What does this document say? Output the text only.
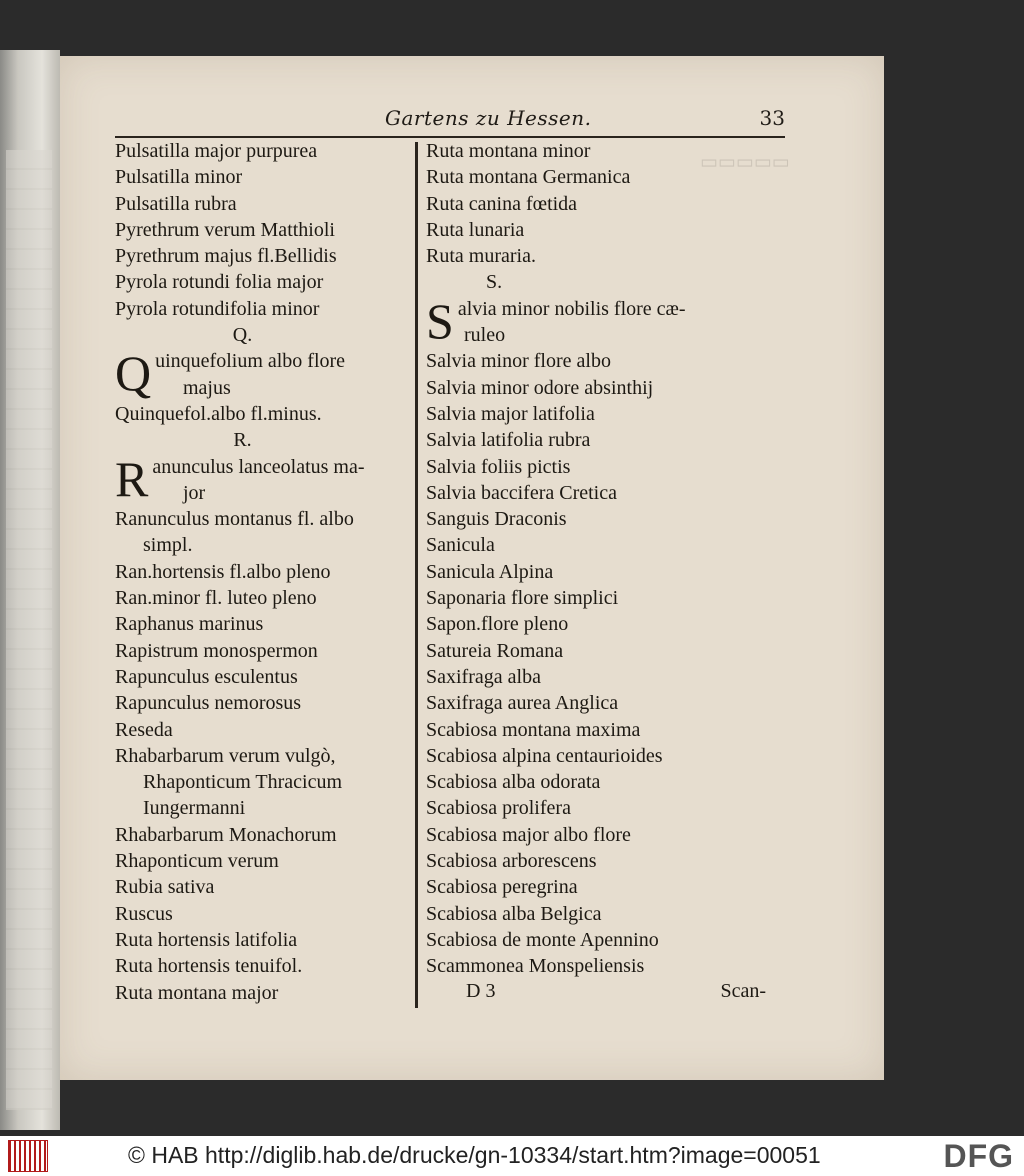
Gartens zu Hessen.	33
▭▭▭▭▭
Pulsatilla major purpurea
Pulsatilla minor
Pulsatilla rubra
Pyrethrum verum Matthioli
Pyrethrum majus fl.Bellidis
Pyrola rotundi folia major
Pyrola rotundifolia minor
Q.
Q uinquefolium albo flore
majus
Quinquefol.albo fl.minus.
R.
R anunculus lanceolatus ma-
jor
Ranunculus montanus fl. albo
simpl.
Ran.hortensis fl.albo pleno
Ran.minor fl. luteo pleno
Raphanus marinus
Rapistrum monospermon
Rapunculus esculentus
Rapunculus nemorosus
Reseda
Rhabarbarum verum vulgò,
Rhaponticum Thracicum
Iungermanni
Rhabarbarum Monachorum
Rhaponticum verum
Rubia sativa
Ruscus
Ruta hortensis latifolia
Ruta hortensis tenuifol.
Ruta montana major
Ruta montana minor
Ruta montana Germanica
Ruta canina fœtida
Ruta lunaria
Ruta muraria.
S.
S alvia minor nobilis flore cæ-
ruleo
Salvia minor flore albo
Salvia minor odore absinthij
Salvia major latifolia
Salvia latifolia rubra
Salvia foliis pictis
Salvia baccifera Cretica
Sanguis Draconis
Sanicula
Sanicula Alpina
Saponaria flore simplici
Sapon.flore pleno
Satureia Romana
Saxifraga alba
Saxifraga aurea Anglica
Scabiosa montana maxima
Scabiosa alpina centaurioides
Scabiosa alba odorata
Scabiosa prolifera
Scabiosa major albo flore
Scabiosa arborescens
Scabiosa peregrina
Scabiosa alba Belgica
Scabiosa de monte Apennino
Scammonea Monspeliensis
D 3	Scan-
© HAB http://diglib.hab.de/drucke/gn-10334/start.htm?image=00051	DFG
